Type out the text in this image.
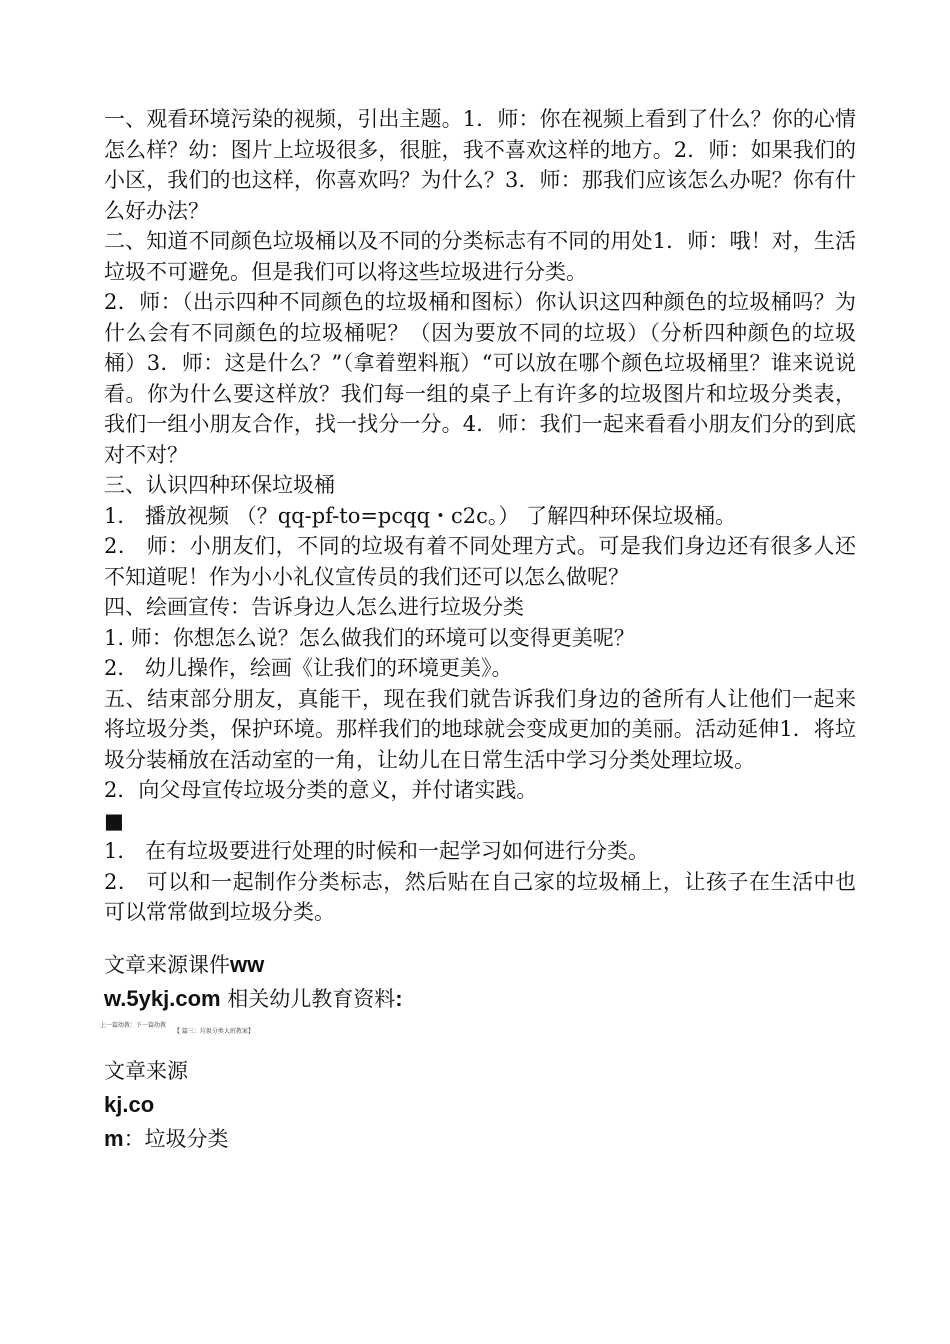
一、观看环境污染的视频，引出主题。1．师：你在视频上看到了什么？你的心情怎么样？幼：图片上垃圾很多，很脏，我不喜欢这样的地方。2．师：如果我们的小区，我们的也这样，你喜欢吗？为什么？3．师：那我们应该怎么办呢？你有什么好办法？

二、知道不同颜色垃圾桶以及不同的分类标志有不同的用处1．师：哦！对，生活垃圾不可避免。但是我们可以将这些垃圾进行分类。

2．师：（出示四种不同颜色的垃圾桶和图标）你认识这四种颜色的垃圾桶吗？为什么会有不同颜色的垃圾桶呢？（因为要放不同的垃圾）（分析四种颜色的垃圾桶）3．师：这是什么？”（拿着塑料瓶）“可以放在哪个颜色垃圾桶里？谁来说说看。你为什么要这样放？我们每一组的桌子上有许多的垃圾图片和垃圾分类表，我们一组小朋友合作，找一找分一分。4．师：我们一起来看看小朋友们分的到底对不对？

三、认识四种环保垃圾桶

1． 播放视频 （？qq-pf-to=pcqq・c2c。） 了解四种环保垃圾桶。

2． 师：小朋友们，不同的垃圾有着不同处理方式。可是我们身边还有很多人还不知道呢！作为小小礼仪宣传员的我们还可以怎么做呢？

四、绘画宣传：告诉身边人怎么进行垃圾分类

1. 师：你想怎么说？怎么做我们的环境可以变得更美呢？

2． 幼儿操作，绘画《让我们的环境更美》。

五、结束部分朋友，真能干，现在我们就告诉我们身边的爸所有人让他们一起来将垃圾分类，保护环境。那样我们的地球就会变成更加的美丽。活动延伸1．将垃圾分装桶放在活动室的一角，让幼儿在日常生活中学习分类处理垃圾。

2．向父母宣传垃圾分类的意义，并付诸实践。

■

1． 在有垃圾要进行处理的时候和一起学习如何进行分类。

2． 可以和一起制作分类标志，然后贴在自己家的垃圾桶上，让孩子在生活中也可以常常做到垃圾分类。

文章来源课件ww

w.5ykj.com 相关幼儿教育资料:

上一篇幼教：下一篇幼教
【 篇三：垃圾分类大班教案】

文章来源

kj.co

m：垃圾分类
